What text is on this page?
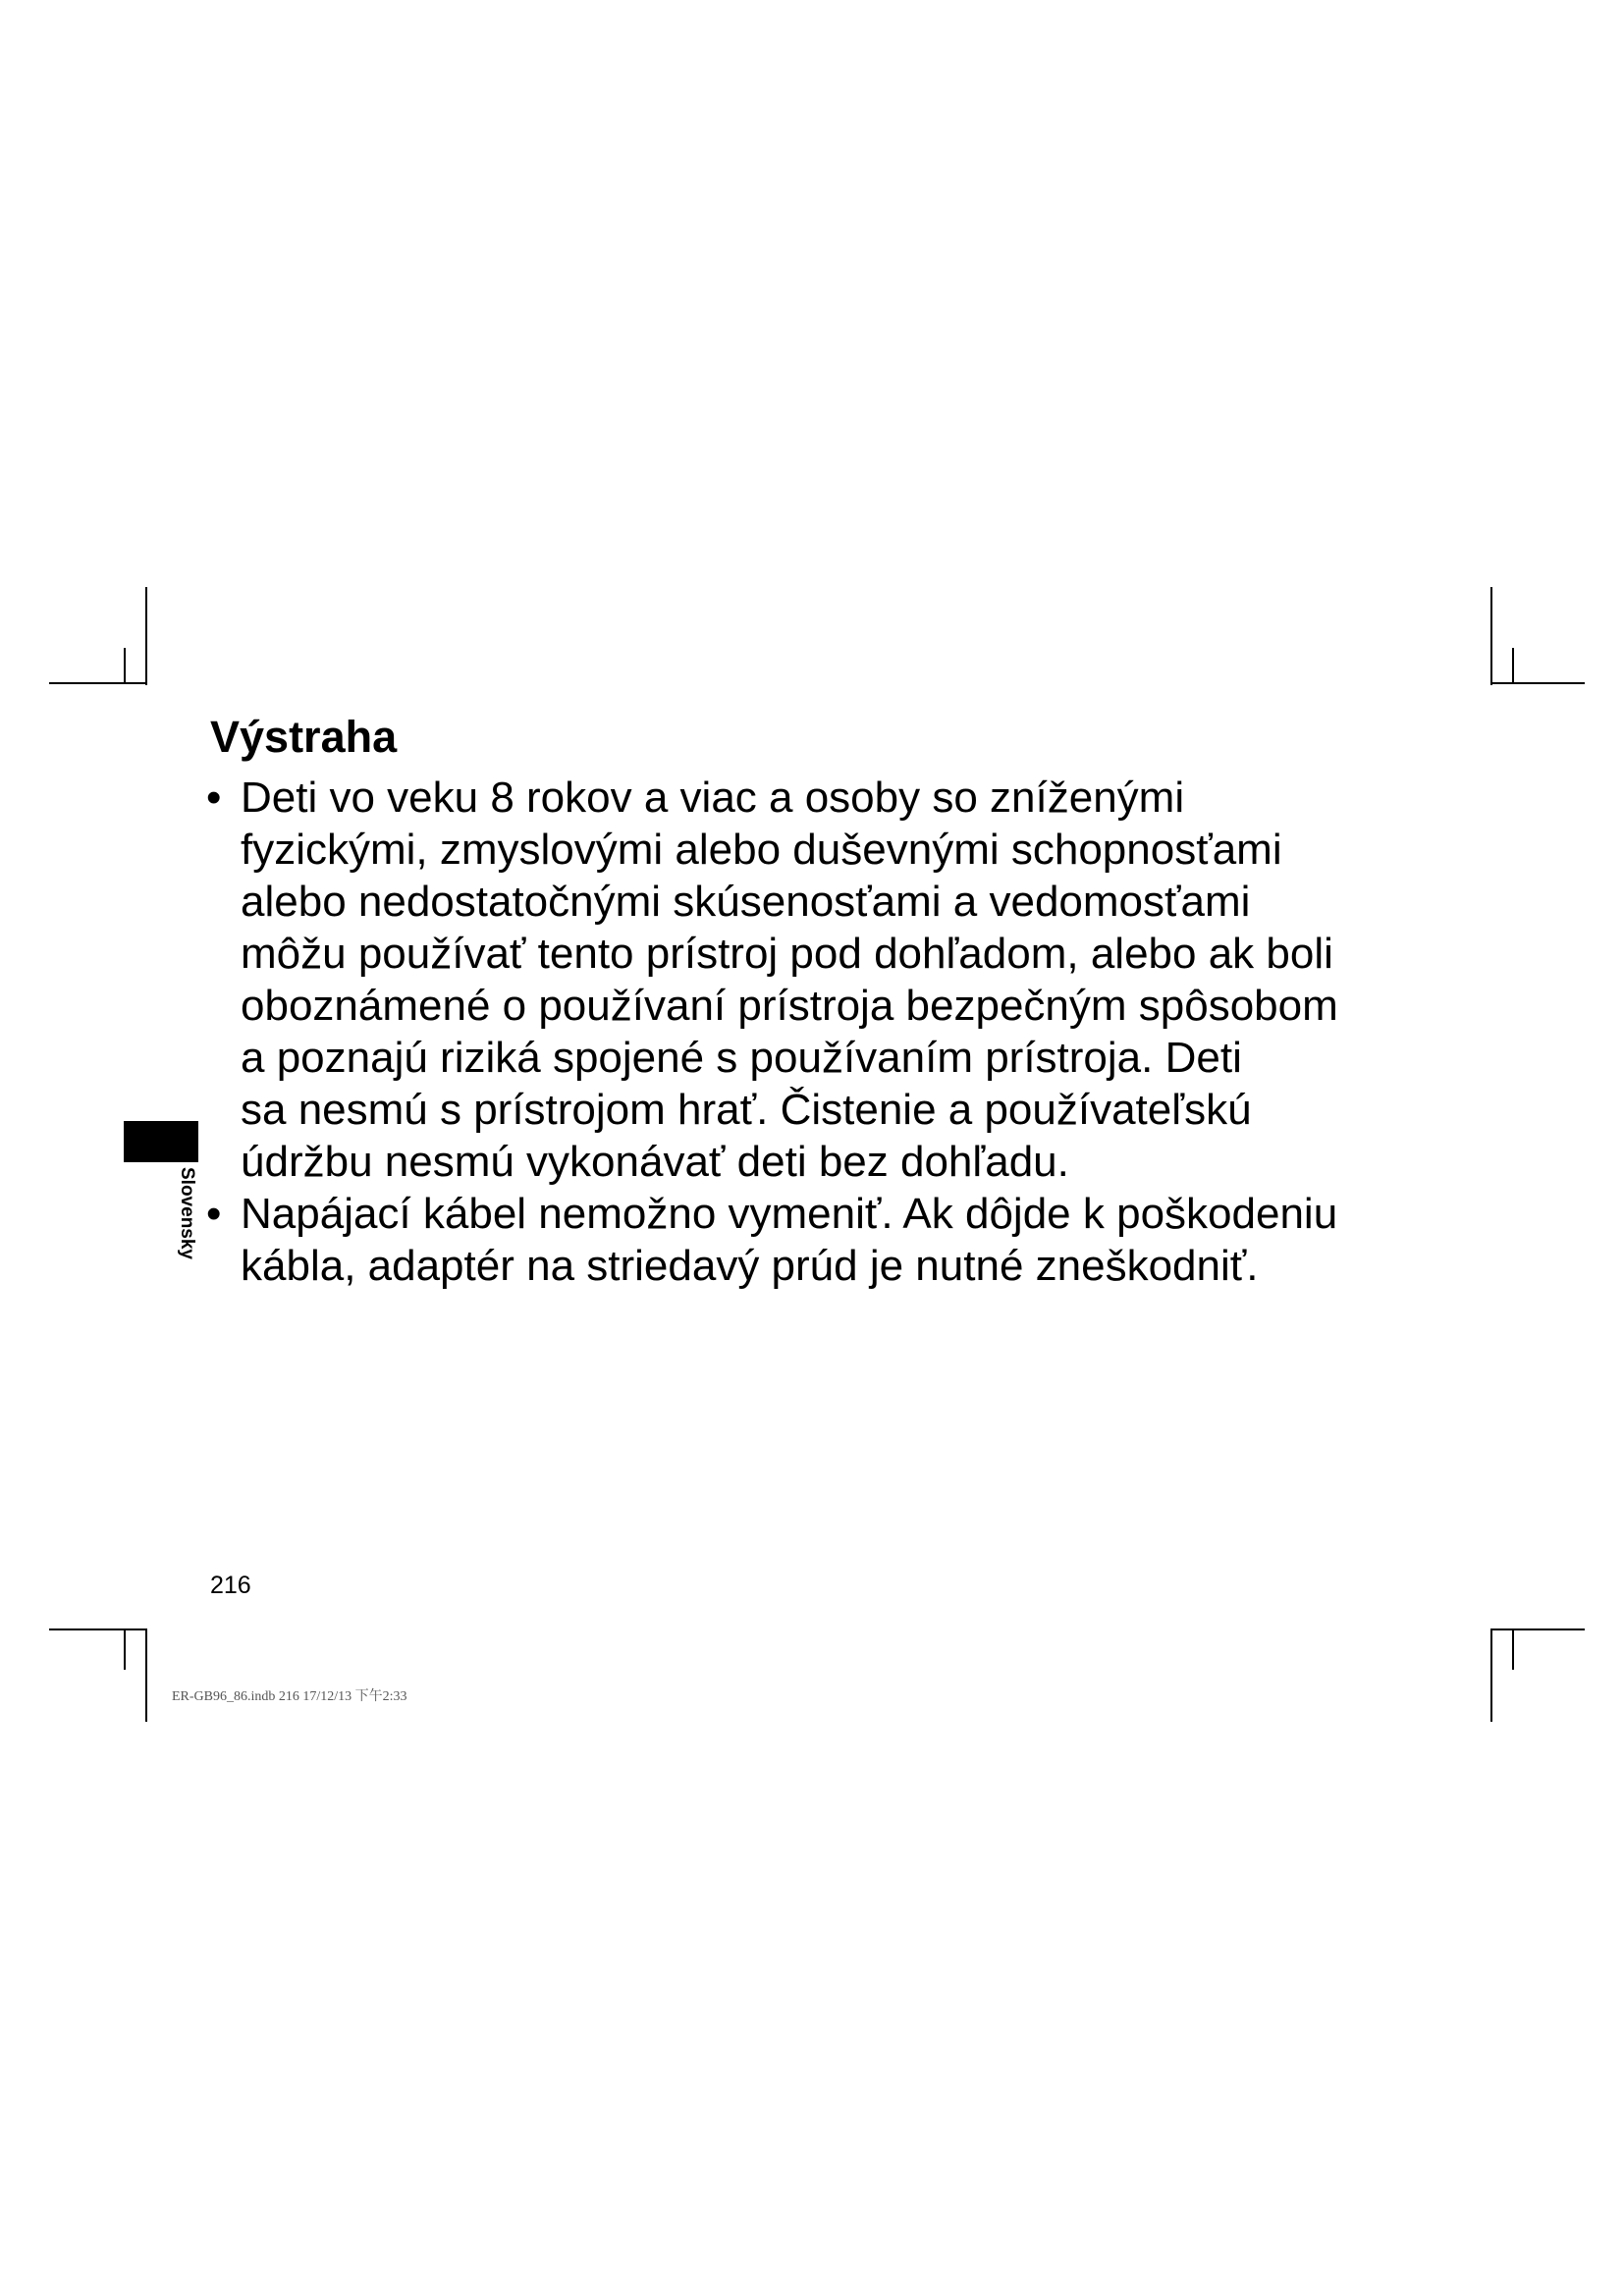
Výstraha
• Deti vo veku 8 rokov a viac a osoby so zníženými
fyzickými, zmyslovými alebo duševnými schopnosťami
alebo nedostatočnými skúsenosťami a vedomosťami
môžu používať tento prístroj pod dohľadom, alebo ak boli
oboznámené o používaní prístroja bezpečným spôsobom
a poznajú riziká spojené s používaním prístroja. Deti
sa nesmú s prístrojom hrať. Čistenie a používateľskú
údržbu nesmú vykonávať deti bez dohľadu.
• Napájací kábel nemožno vymeniť. Ak dôjde k poškodeniu
kábla, adaptér na striedavý prúd je nutné zneškodniť.
Slovensky
216
ER-GB96_86.indb 216 17/12/13 下午2:33
